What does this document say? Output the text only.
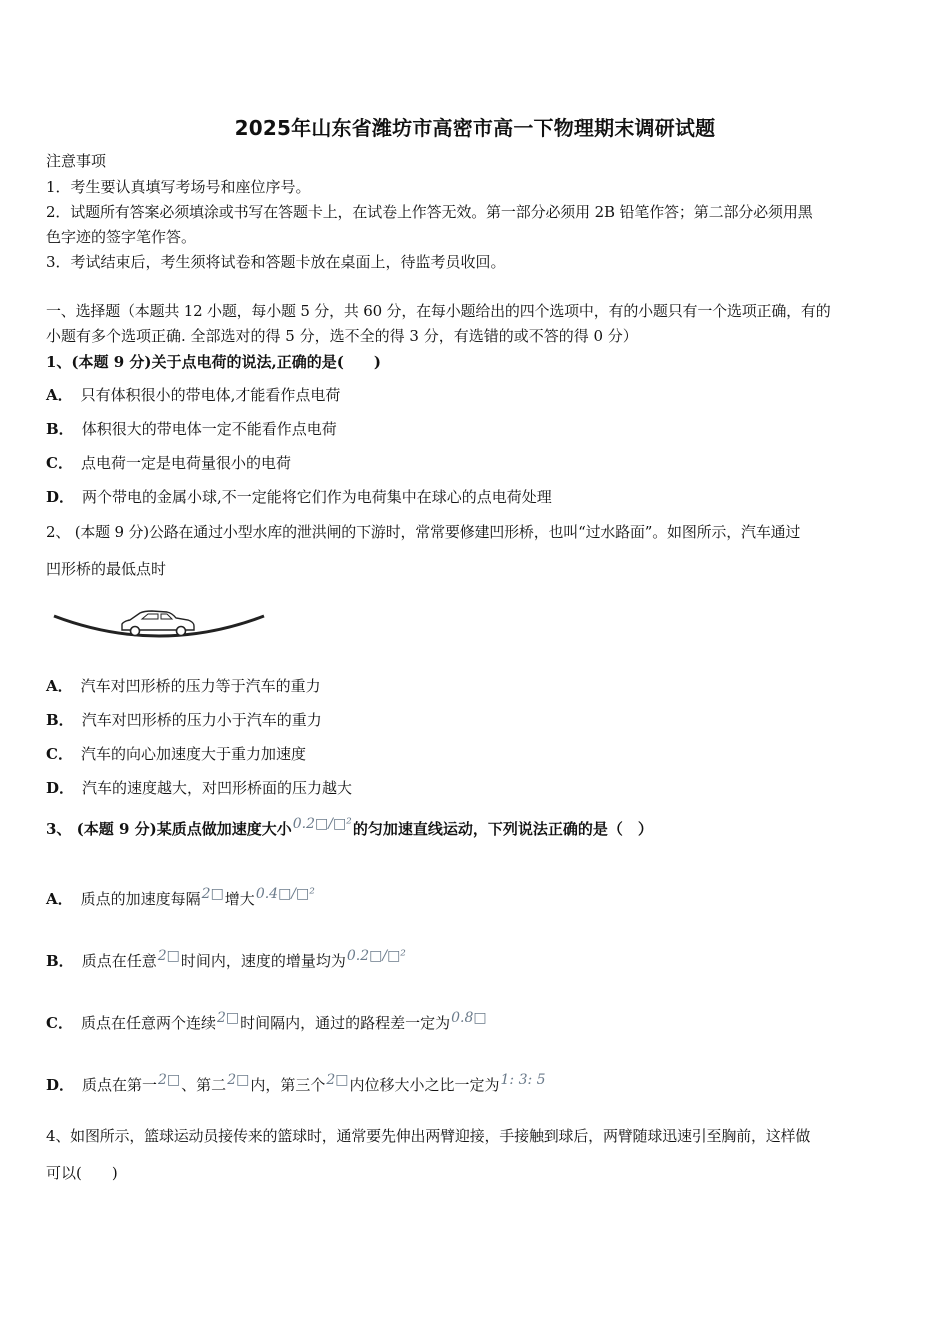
2025年山东省潍坊市高密市高一下物理期末调研试题
注意事项
1．考生要认真填写考场号和座位序号。
2．试题所有答案必须填涂或书写在答题卡上，在试卷上作答无效。第一部分必须用 2B 铅笔作答；第二部分必须用黑
色字迹的签字笔作答。
3．考试结束后，考生须将试卷和答题卡放在桌面上，待监考员收回。
一、选择题（本题共 12 小题，每小题 5 分，共 60 分，在每小题给出的四个选项中，有的小题只有一个选项正确，有的
小题有多个选项正确. 全部选对的得 5 分，选不全的得 3 分，有选错的或不答的得 0 分）
1、(本题 9 分)关于点电荷的说法,正确的是(　　)
A． 只有体积很小的带电体,才能看作点电荷
B． 体积很大的带电体一定不能看作点电荷
C． 点电荷一定是电荷量很小的电荷
D． 两个带电的金属小球,不一定能将它们作为电荷集中在球心的点电荷处理
2、 (本题 9 分)公路在通过小型水库的泄洪闸的下游时，常常要修建凹形桥，也叫“过水路面”。如图所示，汽车通过
凹形桥的最低点时
A． 汽车对凹形桥的压力等于汽车的重力
B． 汽车对凹形桥的压力小于汽车的重力
C． 汽车的向心加速度大于重力加速度
D． 汽车的速度越大，对凹形桥面的压力越大
3、 (本题 9 分)某质点做加速度大小0.2□/□²的匀加速直线运动，下列说法正确的是（　）
A． 质点的加速度每隔2□增大0.4□/□²
B． 质点在任意2□时间内，速度的增量均为0.2□/□²
C． 质点在任意两个连续2□时间隔内，通过的路程差一定为0.8□
D． 质点在第一2□、第二2□内，第三个2□内位移大小之比一定为1: 3: 5
4、如图所示，篮球运动员接传来的篮球时，通常要先伸出两臂迎接，手接触到球后，两臂随球迅速引至胸前，这样做
可以(　　)
